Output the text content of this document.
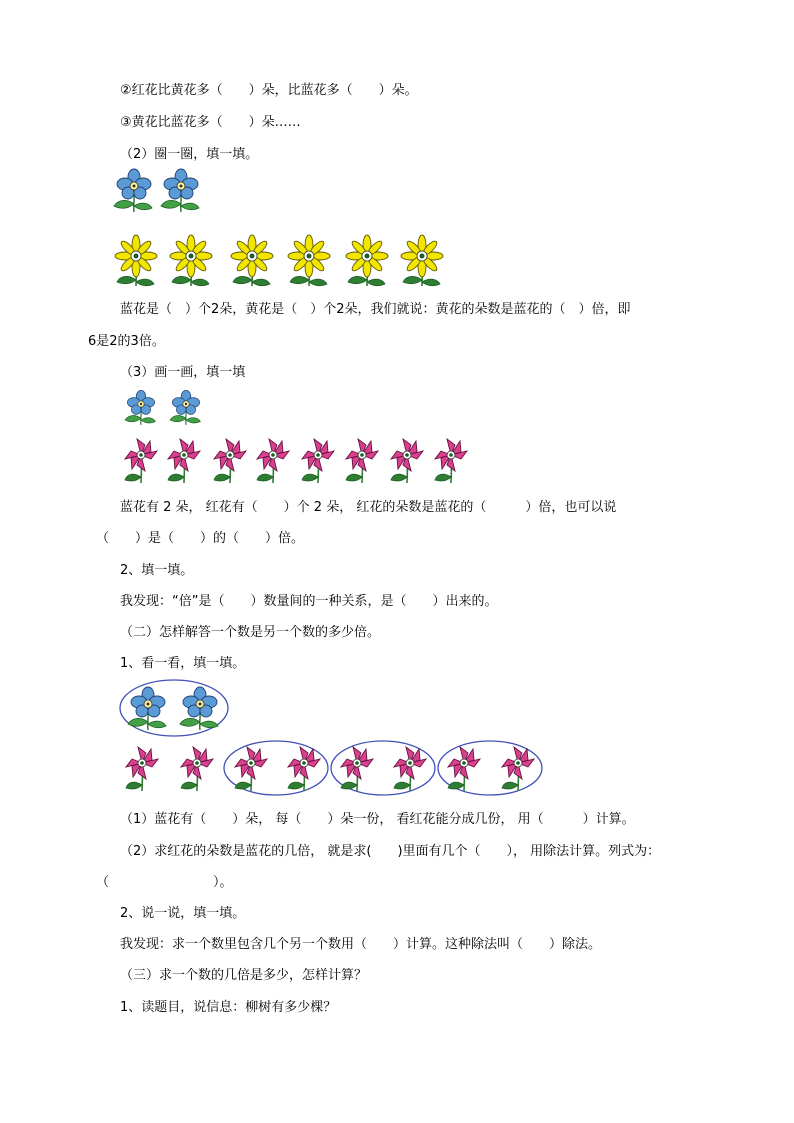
②红花比黄花多（　　）朵，比蓝花多（　　）朵。
③黄花比蓝花多（　　）朵……
（2）圈一圈，填一填。
蓝花是（　）个2朵，黄花是（　）个2朵，我们就说：黄花的朵数是蓝花的（　）倍，即
6是2的3倍。
（3）画一画，填一填
蓝花有 2 朵， 红花有（　　）个 2 朵， 红花的朵数是蓝花的（　　　）倍，也可以说
（　　）是（　　）的（　　）倍。
2、填一填。
我发现：“倍”是（　　）数量间的一种关系，是（　　）出来的。
（二）怎样解答一个数是另一个数的多少倍。
1、看一看，填一填。
（1）蓝花有（　　）朵， 每（　　）朵一份， 看红花能分成几份， 用（　　　）计算。
（2）求红花的朵数是蓝花的几倍， 就是求(　　)里面有几个（　　）， 用除法计算。列式为：
（　　　　　　　　）。
2、说一说，填一填。
我发现：求一个数里包含几个另一个数用（　　）计算。这种除法叫（　　）除法。
（三）求一个数的几倍是多少，怎样计算？
1、读题目，说信息：柳树有多少棵？
